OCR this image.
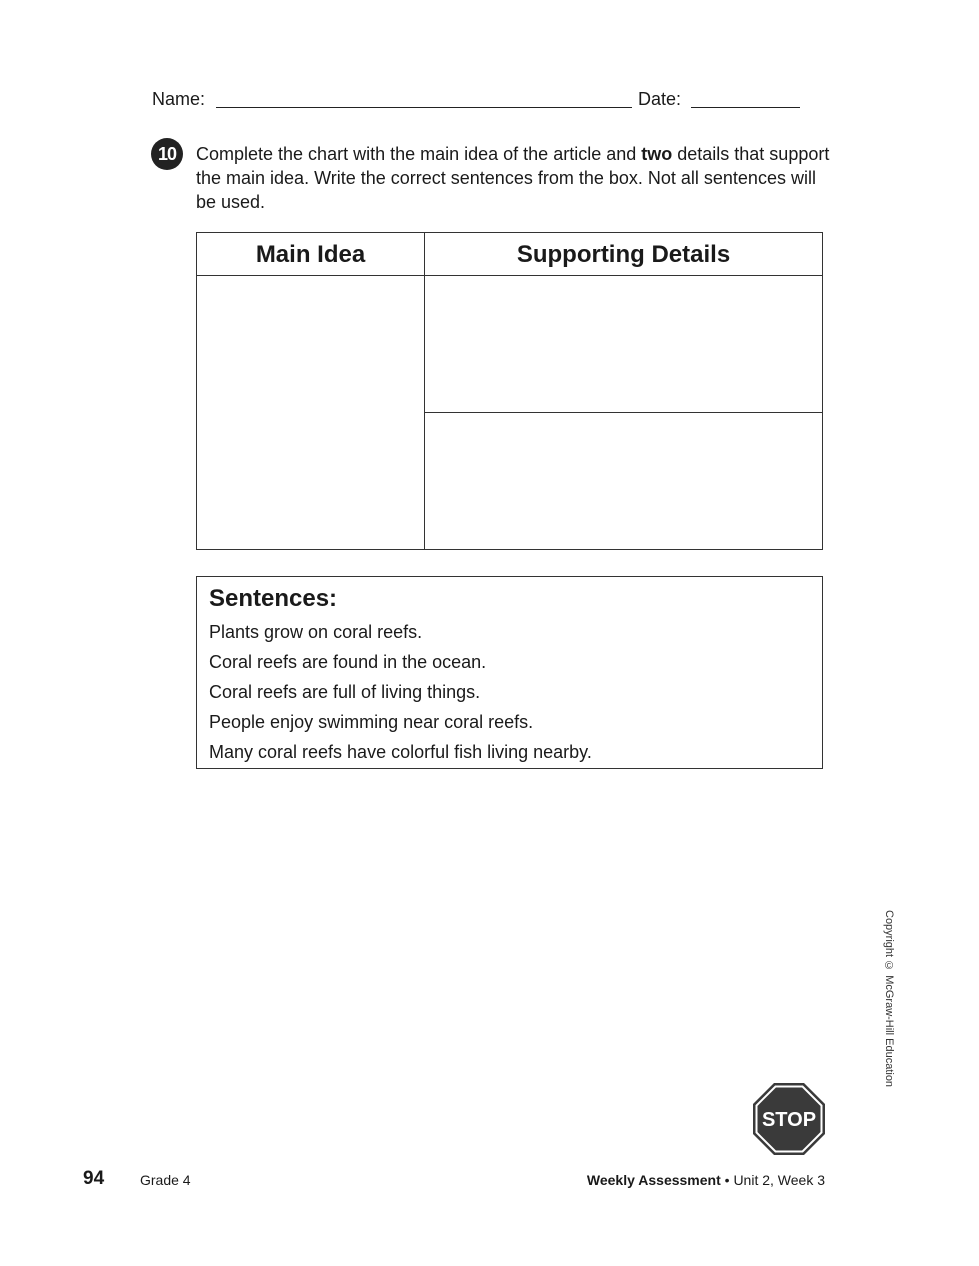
Name:	Date:
10	Complete the chart with the main idea of the article and two details that support the main idea. Write the correct sentences from the box. Not all sentences will be used.
Main Idea	Supporting Details
Sentences:
Plants grow on coral reefs.
Coral reefs are found in the ocean.
Coral reefs are full of living things.
People enjoy swimming near coral reefs.
Many coral reefs have colorful fish living nearby.
Copyright © McGraw-Hill Education
STOP
94	Grade 4	Weekly Assessment • Unit 2, Week 3
